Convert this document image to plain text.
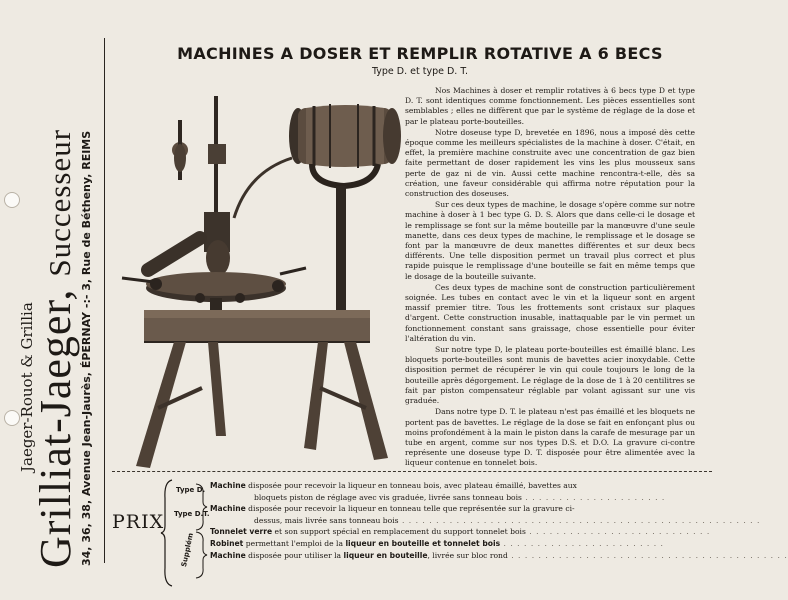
Jaeger-Rouot & Grillia
Grilliat-Jaeger, Successeur
34, 36, 38, Avenue Jean-Jaurès, ÉPERNAY -:- 3, Rue de Bétheny, REIMS
MACHINES A DOSER ET REMPLIR ROTATIVE A 6 BECS
Type D. et type D. T.

Nos Machines à doser et remplir rotatives à 6 becs type D et type D. T. sont identiques comme fonctionnement. Les pièces essentielles sont semblables ; elles ne diffèrent que par le système de réglage de la dose et par le plateau porte-bouteilles.

Notre doseuse type D, brevetée en 1896, nous a imposé dès cette époque comme les meilleurs spécialistes de la machine à doser. C'était, en effet, la première machine construite avec une concentration de gaz bien faite permettant de doser rapidement les vins les plus mousseux sans perte de gaz ni de vin. Aussi cette machine rencontra-t-elle, dès sa création, une faveur considérable qui affirma notre réputation pour la construction des doseuses.

Sur ces deux types de machine, le dosage s'opère comme sur notre machine à doser à 1 bec type G. D. S. Alors que dans celle-ci le dosage et le remplissage se font sur la même bouteille par la manœuvre d'une seule manette, dans ces deux types de machine, le remplissage et le dosage se font par la manœuvre de deux manettes différentes et sur deux becs différents. Une telle disposition permet un travail plus correct et plus rapide puisque le remplissage d'une bouteille se fait en même temps que le dosage de la bouteille suivante.

Ces deux types de machine sont de construction particulièrement soignée. Les tubes en contact avec le vin et la liqueur sont en argent massif premier titre. Tous les frottements sont cristaux sur plaques d'argent. Cette construction inusable, inattaquable par le vin permet un fonctionnement constant sans graissage, chose essentielle pour éviter l'altération du vin.

Sur notre type D, le plateau porte-bouteilles est émaillé blanc. Les bloquets porte-bouteilles sont munis de bavettes acier inoxydable. Cette disposition permet de récupérer le vin qui coule toujours le long de la bouteille après dégorgement. Le réglage de la dose de 1 à 20 centilitres se fait par piston compensateur réglable par volant agissant sur une vis graduée.

Dans notre type D. T. le plateau n'est pas émaillé et les bloquets ne portent pas de bavettes. Le réglage de la dose se fait en enfonçant plus ou moins profondément à la main le piston dans la carafe de mesurage par un tube en argent, comme sur nos types D.S. et D.O. La gravure ci-contre représente une doseuse type D. T. disposée pour être alimentée avec la liqueur contenue en tonnelet bois.

PRIX
Type D.
Type D.T.
Supplém
Machine disposée pour recevoir la liqueur en tonneau bois, avec plateau émaillé, bavettes aux
bloquets piston de réglage avec vis graduée, livrée sans tonneau bois . . . . . . . . . . . . . . . . . . . . .
Machine disposée pour recevoir la liqueur en tonneau telle que représentée sur la gravure ci-
dessus, mais livrée sans tonneau bois . . . . . . . . . . . . . . . . . . . . . . . . . . . . . . . . . . . . . . . . . . . . . . . . . . . . .
Tonnelet verre et son support spécial en remplacement du support tonnelet bois . . . . . . . . . . . . . . . . . . . . . . . . . . .
Robinet permettant l'emploi de la liqueur en bouteille et tonnelet bois . . . . . . . . . . . . . . . . . . . . . . . .
Machine disposée pour utiliser la liqueur en bouteille, livrée sur bloc rond . . . . . . . . . . . . . . . . . . . . . . . . . . . . . . . . . . . . . . . . .
